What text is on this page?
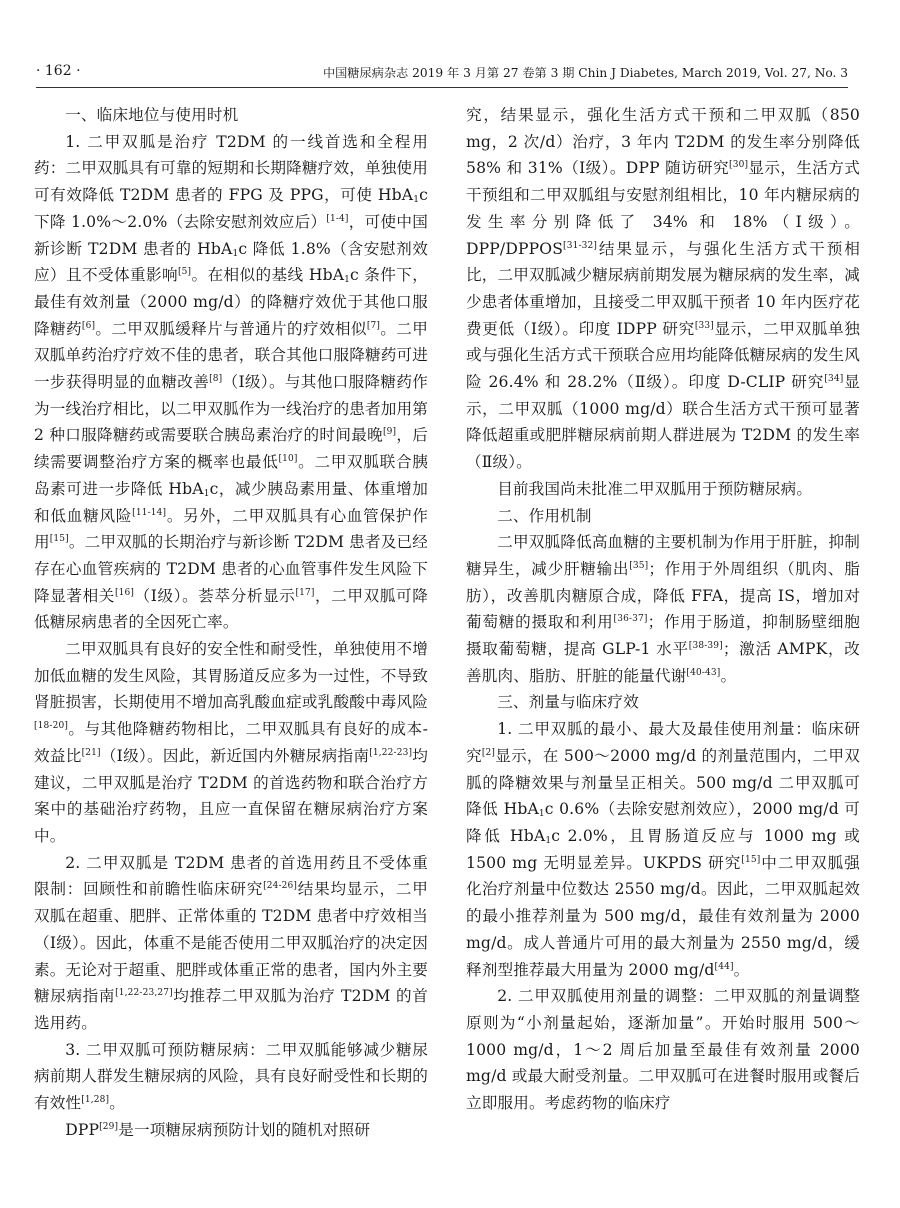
· 162 ·	中国糖尿病杂志 2019 年 3 月第 27 卷第 3 期 Chin J Diabetes, March 2019, Vol. 27, No. 3

一、临床地位与使用时机

1. 二甲双胍是治疗 T2DM 的一线首选和全程用药：二甲双胍具有可靠的短期和长期降糖疗效，单独使用可有效降低 T2DM 患者的 FPG 及 PPG，可使 HbA$_1$c 下降 1.0%～2.0%（去除安慰剂效应后）[1-4]，可使中国新诊断 T2DM 患者的 HbA$_1$c 降低 1.8%（含安慰剂效应）且不受体重影响[5]。在相似的基线 HbA$_1$c 条件下，最佳有效剂量（2000 mg/d）的降糖疗效优于其他口服降糖药[6]。二甲双胍缓释片与普通片的疗效相似[7]。二甲双胍单药治疗疗效不佳的患者，联合其他口服降糖药可进一步获得明显的血糖改善[8]（Ⅰ级）。与其他口服降糖药作为一线治疗相比，以二甲双胍作为一线治疗的患者加用第 2 种口服降糖药或需要联合胰岛素治疗的时间最晚[9]，后续需要调整治疗方案的概率也最低[10]。二甲双胍联合胰岛素可进一步降低 HbA$_1$c，减少胰岛素用量、体重增加和低血糖风险[11-14]。另外，二甲双胍具有心血管保护作用[15]。二甲双胍的长期治疗与新诊断 T2DM 患者及已经存在心血管疾病的 T2DM 患者的心血管事件发生风险下降显著相关[16]（Ⅰ级）。荟萃分析显示[17]，二甲双胍可降低糖尿病患者的全因死亡率。

二甲双胍具有良好的安全性和耐受性，单独使用不增加低血糖的发生风险，其胃肠道反应多为一过性，不导致肾脏损害，长期使用不增加高乳酸血症或乳酸酸中毒风险[18-20]。与其他降糖药物相比，二甲双胍具有良好的成本-效益比[21]（Ⅰ级）。因此，新近国内外糖尿病指南[1,22-23]均建议，二甲双胍是治疗 T2DM 的首选药物和联合治疗方案中的基础治疗药物，且应一直保留在糖尿病治疗方案中。

2. 二甲双胍是 T2DM 患者的首选用药且不受体重限制：回顾性和前瞻性临床研究[24-26]结果均显示，二甲双胍在超重、肥胖、正常体重的 T2DM 患者中疗效相当（Ⅰ级）。因此，体重不是能否使用二甲双胍治疗的决定因素。无论对于超重、肥胖或体重正常的患者，国内外主要糖尿病指南[1,22-23,27]均推荐二甲双胍为治疗 T2DM 的首选用药。

3. 二甲双胍可预防糖尿病：二甲双胍能够减少糖尿病前期人群发生糖尿病的风险，具有良好耐受性和长期的有效性[1,28]。

DPP[29]是一项糖尿病预防计划的随机对照研

究，结果显示，强化生活方式干预和二甲双胍（850 mg，2 次/d）治疗，3 年内 T2DM 的发生率分别降低 58% 和 31%（Ⅰ级）。DPP 随访研究[30]显示，生活方式干预组和二甲双胍组与安慰剂组相比，10 年内糖尿病的发生率分别降低了 34% 和 18%（Ⅰ级）。DPP/DPPOS[31-32]结果显示，与强化生活方式干预相比，二甲双胍减少糖尿病前期发展为糖尿病的发生率，减少患者体重增加，且接受二甲双胍干预者 10 年内医疗花费更低（Ⅰ级）。印度 IDPP 研究[33]显示，二甲双胍单独或与强化生活方式干预联合应用均能降低糖尿病的发生风险 26.4% 和 28.2%（Ⅱ级）。印度 D-CLIP 研究[34]显示，二甲双胍（1000 mg/d）联合生活方式干预可显著降低超重或肥胖糖尿病前期人群进展为 T2DM 的发生率（Ⅱ级）。

目前我国尚未批准二甲双胍用于预防糖尿病。

二、作用机制

二甲双胍降低高血糖的主要机制为作用于肝脏，抑制糖异生，减少肝糖输出[35]；作用于外周组织（肌肉、脂肪），改善肌肉糖原合成，降低 FFA，提高 IS，增加对葡萄糖的摄取和利用[36-37]；作用于肠道，抑制肠壁细胞摄取葡萄糖，提高 GLP-1 水平[38-39]；激活 AMPK，改善肌肉、脂肪、肝脏的能量代谢[40-43]。

三、剂量与临床疗效

1. 二甲双胍的最小、最大及最佳使用剂量：临床研究[2]显示，在 500～2000 mg/d 的剂量范围内，二甲双胍的降糖效果与剂量呈正相关。500 mg/d 二甲双胍可降低 HbA$_1$c 0.6%（去除安慰剂效应），2000 mg/d 可降低 HbA$_1$c 2.0%，且胃肠道反应与 1000 mg 或 1500 mg 无明显差异。UKPDS 研究[15]中二甲双胍强化治疗剂量中位数达 2550 mg/d。因此，二甲双胍起效的最小推荐剂量为 500 mg/d，最佳有效剂量为 2000 mg/d。成人普通片可用的最大剂量为 2550 mg/d，缓释剂型推荐最大用量为 2000 mg/d[44]。

2. 二甲双胍使用剂量的调整：二甲双胍的剂量调整原则为“小剂量起始，逐渐加量”。开始时服用 500～1000 mg/d，1～2 周后加量至最佳有效剂量 2000 mg/d 或最大耐受剂量。二甲双胍可在进餐时服用或餐后立即服用。考虑药物的临床疗
